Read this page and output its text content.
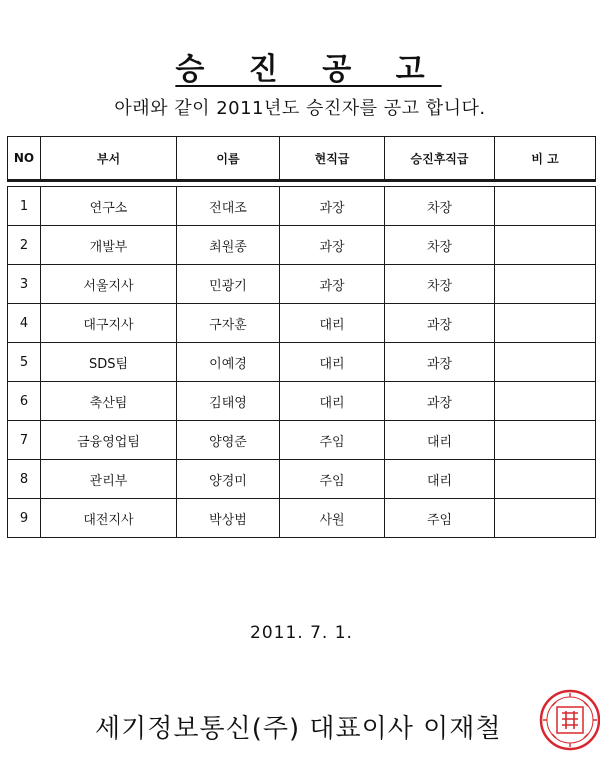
승 진 공 고
아래와 같이 2011년도 승진자를 공고 합니다.
NO	부서	이름	현직급	승진후직급	비 고

1	연구소	전대조	과장	차장	
2	개발부	최원종	과장	차장	
3	서울지사	민광기	과장	차장	
4	대구지사	구자훈	대리	과장	
5	SDS팀	이예경	대리	과장	
6	축산팀	김태영	대리	과장	
7	금융영업팀	양영준	주임	대리	
8	관리부	양경미	주임	대리	
9	대전지사	박상범	사원	주임	
2011. 7. 1.
세기정보통신(주) 대표이사 이재철
